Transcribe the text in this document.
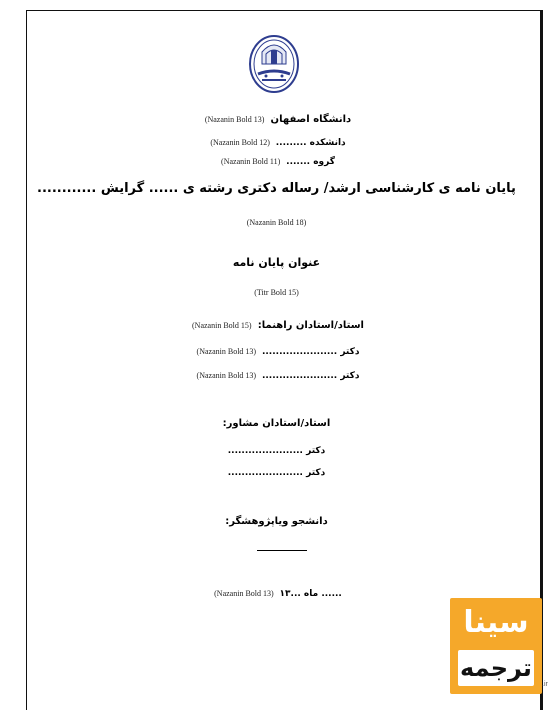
دانشگاه اصفهان (Nazanin Bold 13)
دانشکده ......... (Nazanin Bold 12)
گروه ....... (Nazanin Bold 11)
پایان نامه ی کارشناسی ارشد/ رساله دکتری رشته ی ...... گرایش ............
(Nazanin Bold 18)
عنوان پایان نامه
(Titr Bold 15)
استاد/استادان راهنما: (Nazanin Bold 15)
دکتر ...................... (Nazanin Bold 13)
دکتر ...................... (Nazanin Bold 13)
استاد/استادان مشاور:
دکتر ......................
دکتر ......................
دانشجو ویاپژوهشگر:
...... ماه ...۱۳ (Nazanin Bold 13)
سینا
ترجمه
.ir
